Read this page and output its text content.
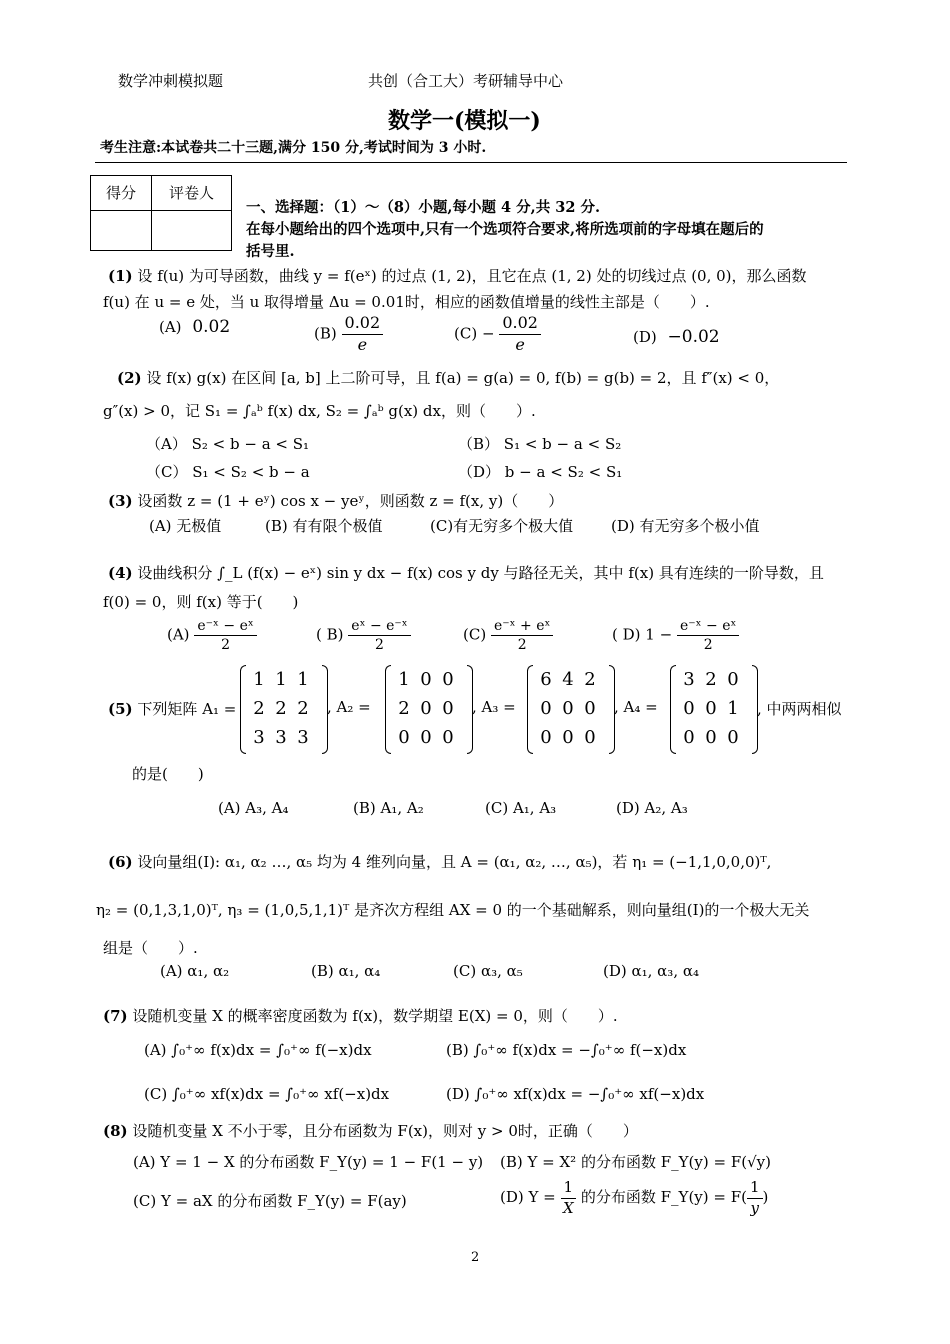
数学冲刺模拟题	共创（合工大）考研辅导中心
数学一(模拟一)
考生注意:本试卷共二十三题,满分 150 分,考试时间为 3 小时.
得分	评卷人
一、选择题：（1）～（8）小题,每小题 4 分,共 32 分.
在每小题给出的四个选项中,只有一个选项符合要求,将所选项前的字母填在题后的
括号里.
(1) 设 f(u) 为可导函数，曲线 y = f(eˣ) 的过点 (1, 2)，且它在点 (1, 2) 处的切线过点 (0, 0)，那么函数
f(u) 在 u = e 处，当 u 取得增量 Δu = 0.01时，相应的函数值增量的线性主部是（　　）.
(A) 0.02	$(B) \frac{0.02}{e}$	$(C) - \frac{0.02}{e}$	(D) −0.02
(2) 设 f(x) g(x) 在区间 [a, b] 上二阶可导，且 f(a) = g(a) = 0, f(b) = g(b) = 2，且 f″(x) < 0，
g″(x) > 0，记 S₁ = ∫ₐᵇ f(x) dx, S₂ = ∫ₐᵇ g(x) dx，则（　　）.
（A） S₂ < b − a < S₁	（B） S₁ < b − a < S₂
（C） S₁ < S₂ < b − a	（D） b − a < S₂ < S₁
(3) 设函数 z = (1 + eʸ) cos x − yeʸ，则函数 z = f(x, y)（　　）
(A) 无极值	(B) 有有限个极值	(C)有无穷多个极大值	(D) 有无穷多个极小值
(4) 设曲线积分 ∫_L (f(x) − eˣ) sin y dx − f(x) cos y dy 与路径无关，其中 f(x) 具有连续的一阶导数，且
f(0) = 0，则 f(x) 等于(　　)
$(A) \frac{\text{e⁻ˣ − eˣ}}{2}$	( $B) \frac{\text{eˣ − e⁻ˣ}}{2}$	$(C) \frac{\text{e⁻ˣ + eˣ}}{2}$	( D) $1 - \frac{\text{e⁻ˣ − eˣ}}{2}$
(5) 下列矩阵 A₁ =
1	1	1
2	2	2
3	3	3
, A₂ =
1	0	0
2	0	0
0	0	0
, A₃ =
6	4	2
0	0	0
0	0	0
, A₄ =
3	2	0
0	0	1
0	0	0
, 中两两相似
的是(　　)
(A) A₃, A₄	(B) A₁, A₂	(C) A₁, A₃	(D) A₂, A₃
(6) 设向量组(I): α₁, α₂ …, α₅ 均为 4 维列向量，且 A = (α₁, α₂, …, α₅)，若 η₁ = (−1,1,0,0,0)ᵀ,
η₂ = (0,1,3,1,0)ᵀ, η₃ = (1,0,5,1,1)ᵀ 是齐次方程组 AX = 0 的一个基础解系，则向量组(I)的一个极大无关
组是（　　）.
(A) α₁, α₂	(B) α₁, α₄	(C) α₃, α₅	(D) α₁, α₃, α₄
(7) 设随机变量 X 的概率密度函数为 f(x)，数学期望 E(X) = 0，则（　　）.
(A) ∫₀⁺∞ f(x)dx = ∫₀⁺∞ f(−x)dx	(B) ∫₀⁺∞ f(x)dx = −∫₀⁺∞ f(−x)dx
(C) ∫₀⁺∞ xf(x)dx = ∫₀⁺∞ xf(−x)dx	(D) ∫₀⁺∞ xf(x)dx = −∫₀⁺∞ xf(−x)dx
(8) 设随机变量 X 不小于零，且分布函数为 F(x)，则对 y > 0时，正确（　　）
(A) Y = 1 − X 的分布函数 F_Y(y) = 1 − F(1 − y) (B) Y = X² 的分布函数 F_Y(y) = F(√y)
(C) Y = aX 的分布函数 F_Y(y) = F(ay)	(D) $Y = \frac{1}{X}$ 的分布函数 F_Y(y) = $F( \frac{1}{y}$ )
2
